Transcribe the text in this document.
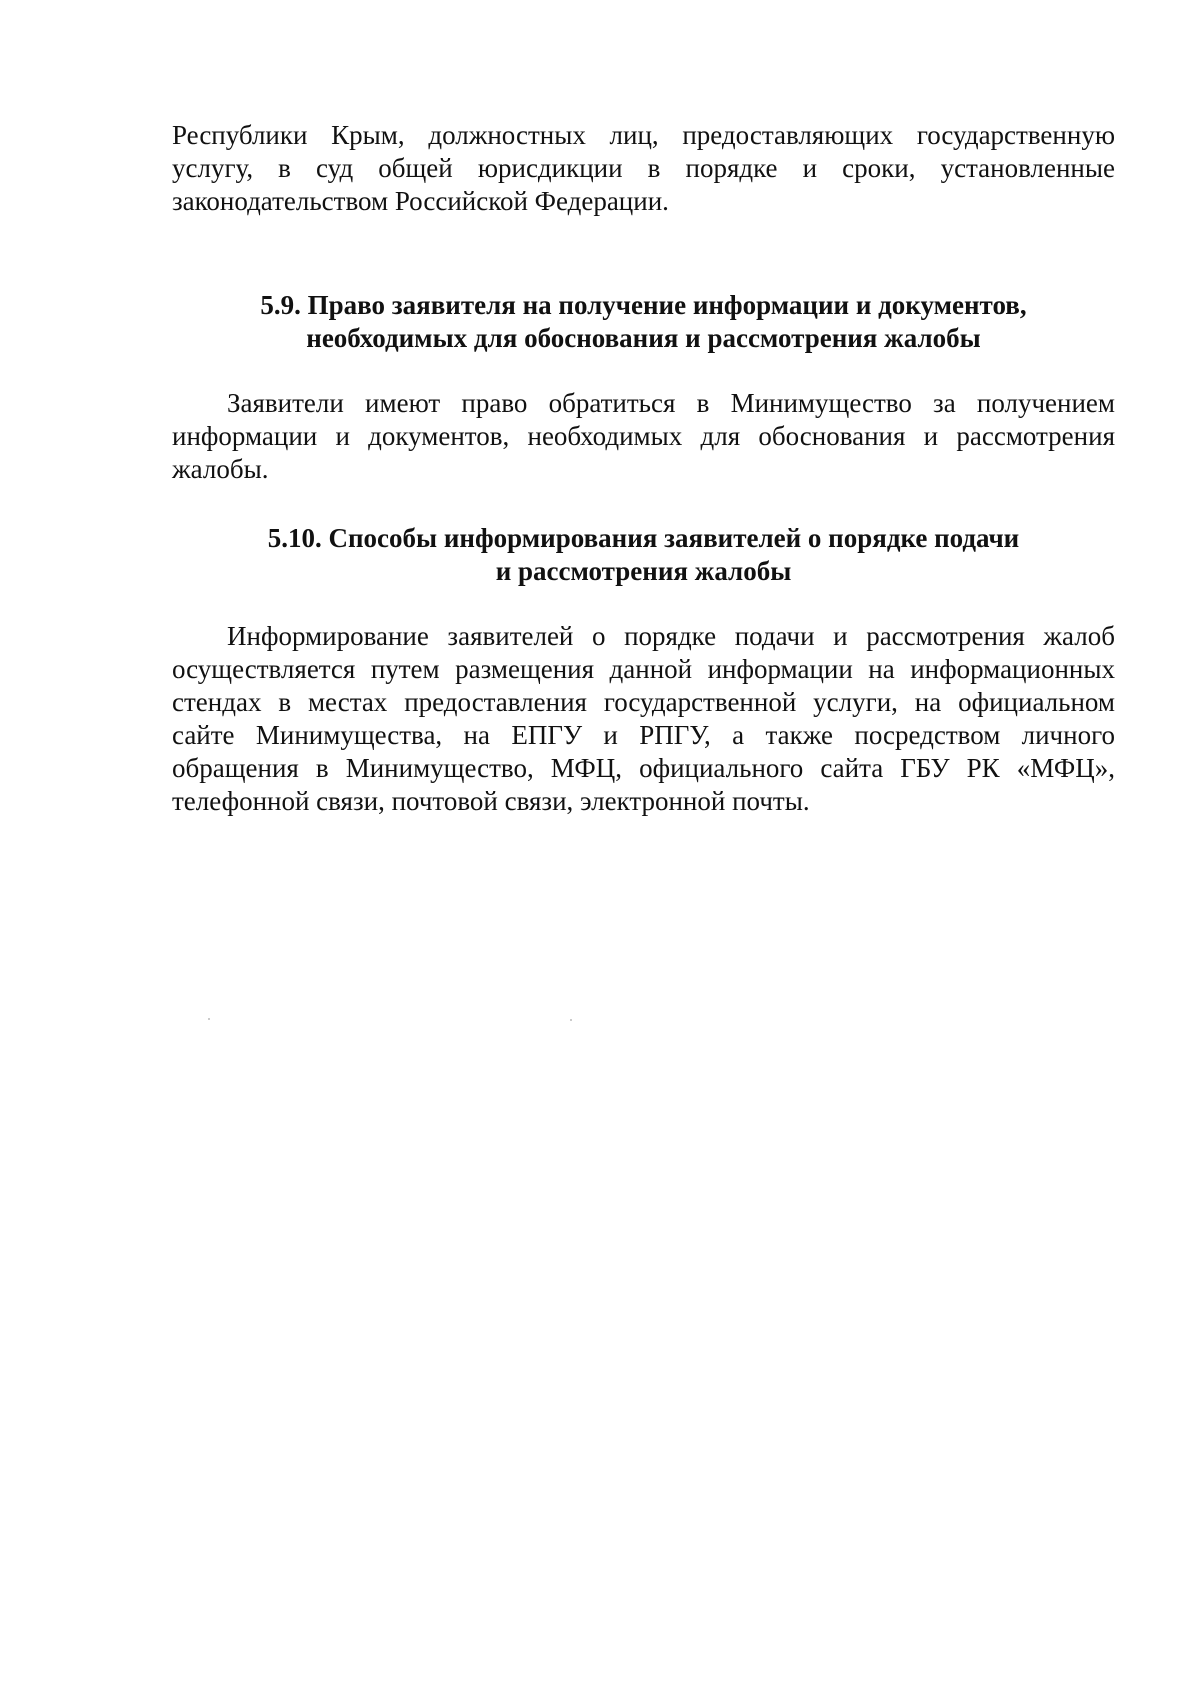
Республики Крым, должностных лиц, предоставляющих государственную
услугу, в суд общей юрисдикции в порядке и сроки, установленные
законодательством Российской Федерации.

5.9. Право заявителя на получение информации и документов,
необходимых для обоснования и рассмотрения жалобы

Заявители имеют право обратиться в Минимущество за получением
информации и документов, необходимых для обоснования и рассмотрения
жалобы.

5.10. Способы информирования заявителей о порядке подачи
и рассмотрения жалобы

Информирование заявителей о порядке подачи и рассмотрения жалоб
осуществляется путем размещения данной информации на информационных
стендах в местах предоставления государственной услуги, на официальном
сайте Минимущества, на ЕПГУ и РПГУ, а также посредством личного
обращения в Минимущество, МФЦ, официального сайта ГБУ РК «МФЦ»,
телефонной связи, почтовой связи, электронной почты.
